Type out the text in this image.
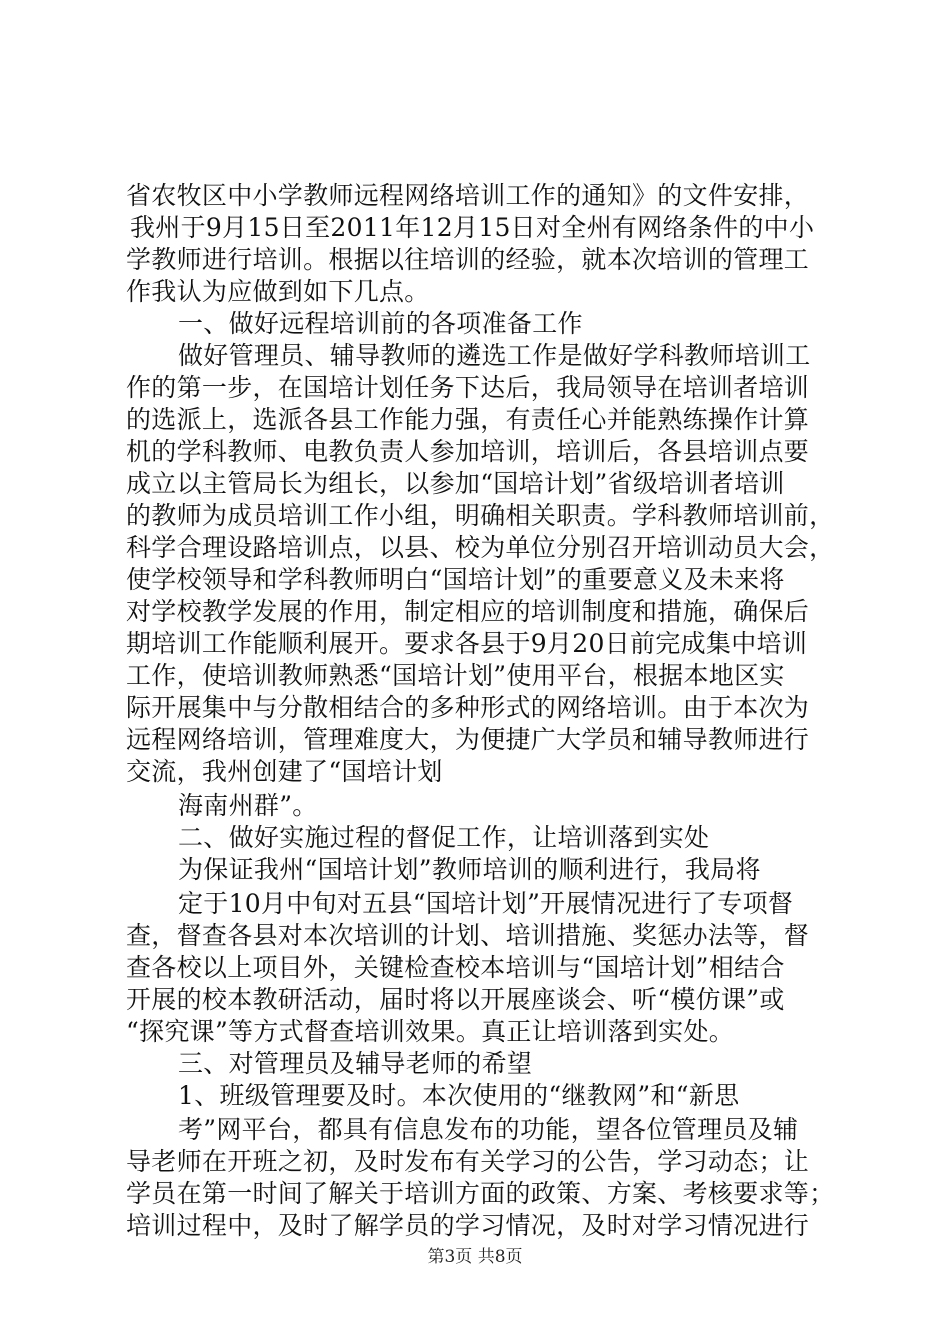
省农牧区中小学教师远程网络培训工作的通知》的文件安排，
我州于9月15日至2011年12月15日对全州有网络条件的中小
学教师进行培训。根据以往培训的经验，就本次培训的管理工
作我认为应做到如下几点。
一、做好远程培训前的各项准备工作
做好管理员、辅导教师的遴选工作是做好学科教师培训工
作的第一步，在国培计划任务下达后，我局领导在培训者培训
的选派上，选派各县工作能力强，有责任心并能熟练操作计算
机的学科教师、电教负责人参加培训，培训后，各县培训点要
成立以主管局长为组长，以参加“国培计划”省级培训者培训
的教师为成员培训工作小组，明确相关职责。学科教师培训前，
科学合理设路培训点，以县、校为单位分别召开培训动员大会，
使学校领导和学科教师明白“国培计划”的重要意义及未来将
对学校教学发展的作用，制定相应的培训制度和措施，确保后
期培训工作能顺利展开。要求各县于9月20日前完成集中培训
工作，使培训教师熟悉“国培计划”使用平台，根据本地区实
际开展集中与分散相结合的多种形式的网络培训。由于本次为
远程网络培训，管理难度大，为便捷广大学员和辅导教师进行
交流，我州创建了“国培计划
海南州群”。
二、做好实施过程的督促工作，让培训落到实处
为保证我州“国培计划”教师培训的顺利进行，我局将
定于10月中旬对五县“国培计划”开展情况进行了专项督
查，督查各县对本次培训的计划、培训措施、奖惩办法等，督
查各校以上项目外，关键检查校本培训与“国培计划”相结合
开展的校本教研活动，届时将以开展座谈会、听“模仿课”或
“探究课”等方式督查培训效果。真正让培训落到实处。
三、对管理员及辅导老师的希望
1、班级管理要及时。本次使用的“继教网”和“新思
考”网平台，都具有信息发布的功能，望各位管理员及辅
导老师在开班之初，及时发布有关学习的公告，学习动态；让
学员在第一时间了解关于培训方面的政策、方案、考核要求等；
培训过程中，及时了解学员的学习情况，及时对学习情况进行
第3页 共8页
